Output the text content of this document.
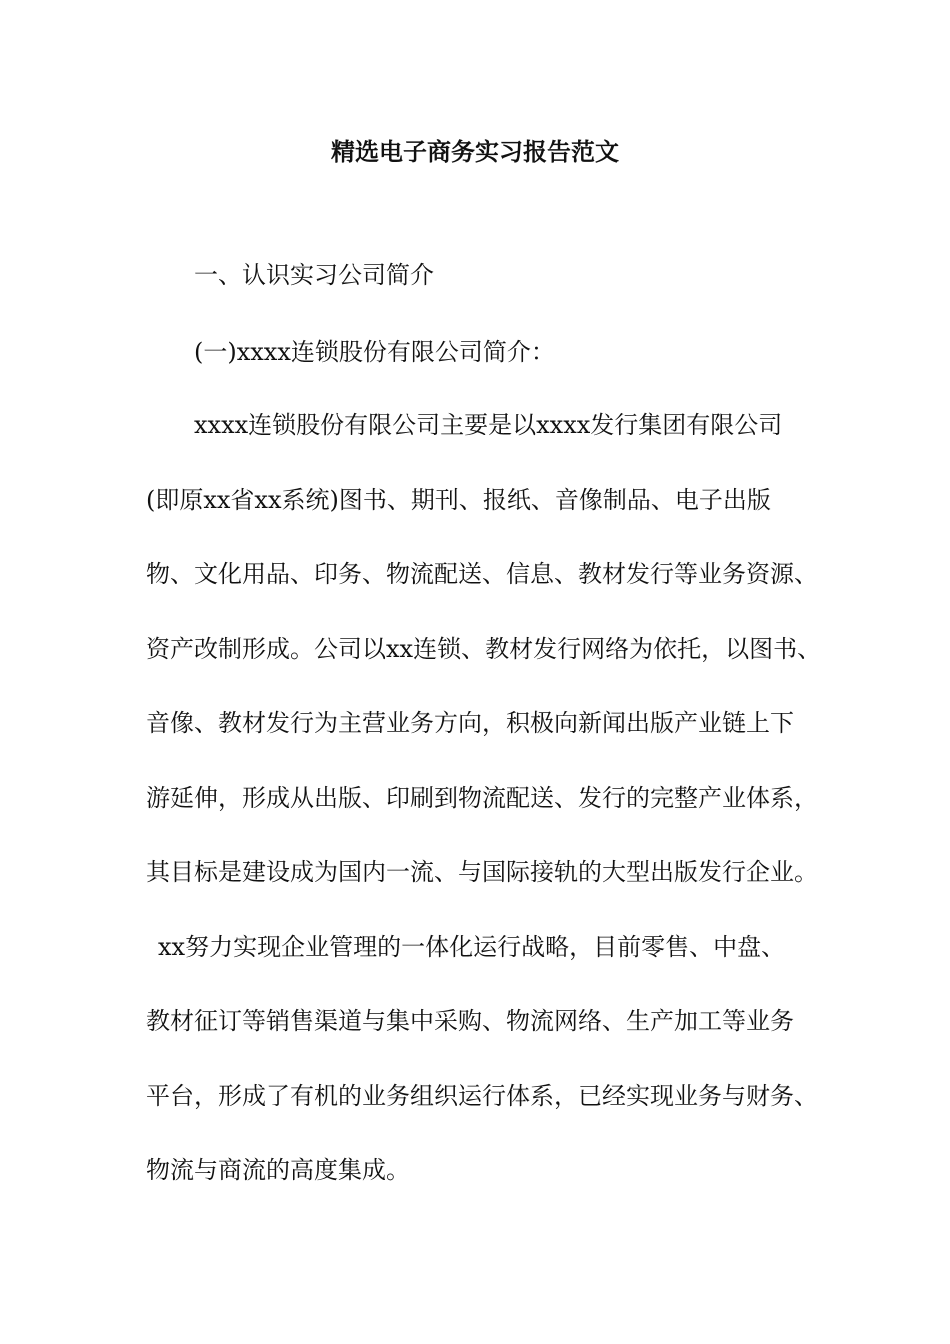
精选电子商务实习报告范文

一、认识实习公司简介

(一)xxxx连锁股份有限公司简介：

xxxx连锁股份有限公司主要是以xxxx发行集团有限公司

(即原xx省xx系统)图书、期刊、报纸、音像制品、电子出版

物、文化用品、印务、物流配送、信息、教材发行等业务资源、

资产改制形成。公司以xx连锁、教材发行网络为依托，以图书、

音像、教材发行为主营业务方向，积极向新闻出版产业链上下

游延伸，形成从出版、印刷到物流配送、发行的完整产业体系，

其目标是建设成为国内一流、与国际接轨的大型出版发行企业。

xx努力实现企业管理的一体化运行战略，目前零售、中盘、

教材征订等销售渠道与集中采购、物流网络、生产加工等业务

平台，形成了有机的业务组织运行体系，已经实现业务与财务、

物流与商流的高度集成。
